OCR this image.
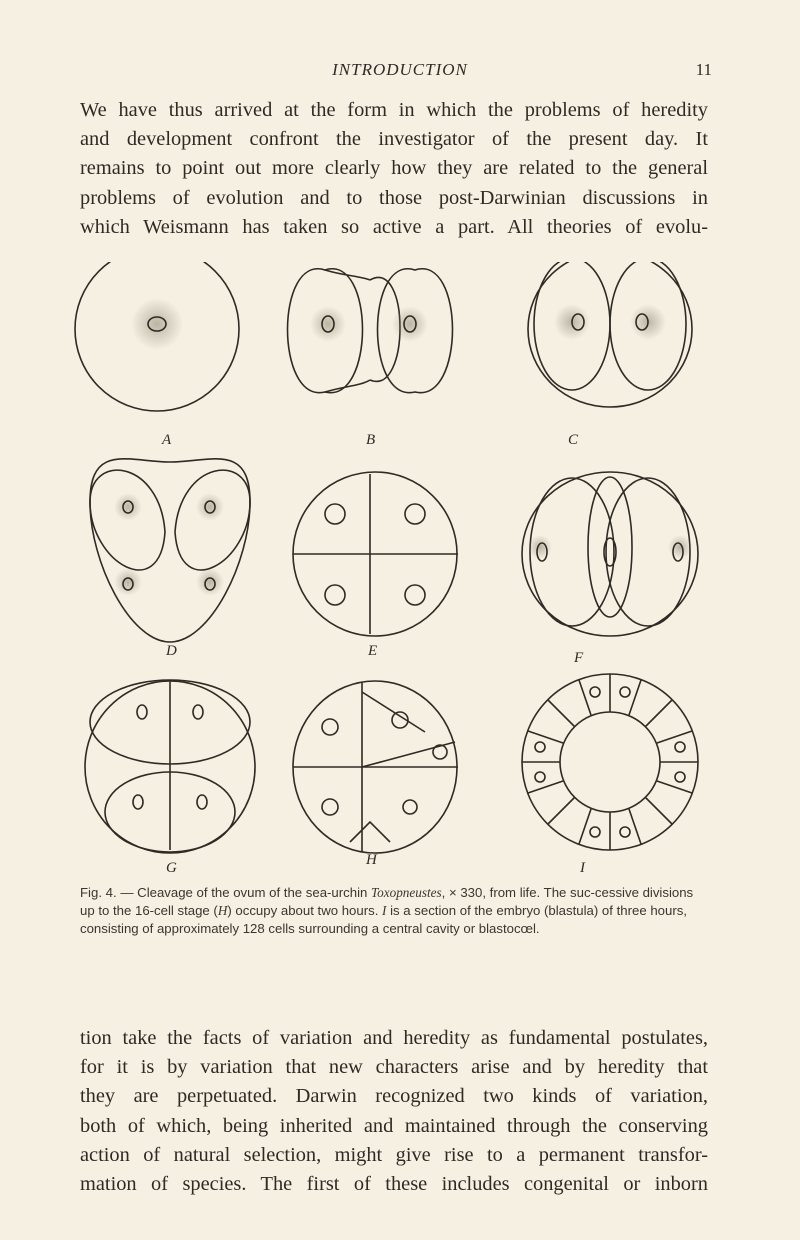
INTRODUCTION	11
We have thus arrived at the form in which the problems of heredity
and development confront the investigator of the present day. It
remains to point out more clearly how they are related to the general
problems of evolution and to those post-Darwinian discussions in
which Weismann has taken so active a part. All theories of evolu-
A	B	C
D	E	F
G	H	I

Fig. 4. — Cleavage of the ovum of the sea-urchin Toxopneustes, × 330, from life. The suc-cessive divisions up to the 16-cell stage (H) occupy about two hours. I is a section of the embryo (blastula) of three hours, consisting of approximately 128 cells surrounding a central cavity or blastocœl.

tion take the facts of variation and heredity as fundamental postulates,
for it is by variation that new characters arise and by heredity that
they are perpetuated. Darwin recognized two kinds of variation,
both of which, being inherited and maintained through the conserving
action of natural selection, might give rise to a permanent transfor-
mation of species. The first of these includes congenital or inborn
